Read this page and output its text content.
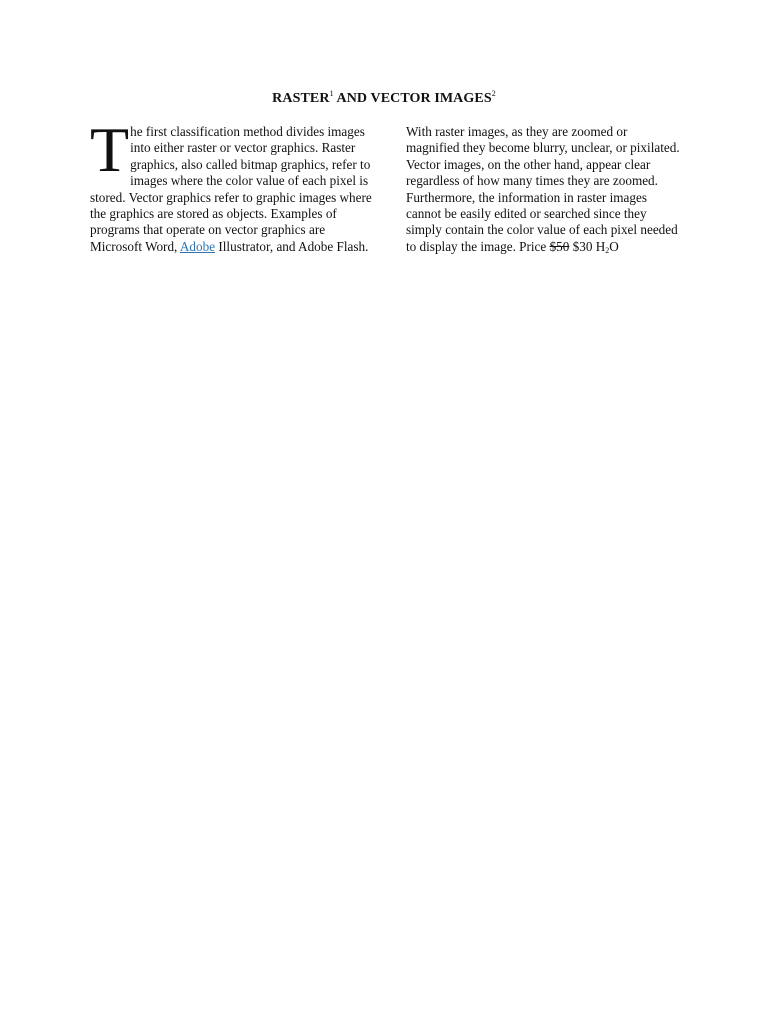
RASTER$^1$ AND VECTOR IMAGES$^2$
T he first classification method divides images into either raster or vector graphics. Raster graphics, also called bitmap graphics, refer to images where the color value of each pixel is stored. Vector graphics refer to graphic images where the graphics are stored as objects. Examples of programs that operate on vector graphics are Microsoft Word, Adobe Illustrator, and Adobe Flash.

With raster images, as they are zoomed or magnified they become blurry, unclear, or pixilated. Vector images, on the other hand, appear clear regardless of how many times they are zoomed. Furthermore, the information in raster images cannot be easily edited or searched since they simply contain the color value of each pixel needed to display the image. Price $50 $30 $H_2O$
